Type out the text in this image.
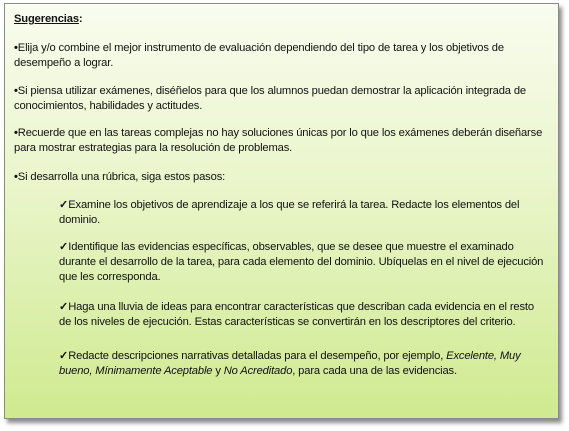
Sugerencias:

•Elija y/o combine el mejor instrumento de evaluación dependiendo del tipo de tarea y los objetivos de desempeño a lograr.

•Si piensa utilizar exámenes, diséñelos para que los alumnos puedan demostrar la aplicación integrada de conocimientos, habilidades y actitudes.

•Recuerde que en las tareas complejas no hay soluciones únicas por lo que los exámenes deberán diseñarse para mostrar estrategias para la resolución de problemas.

•Si desarrolla una rúbrica, siga estos pasos:

✓Examine los objetivos de aprendizaje a los que se referirá la tarea. Redacte los elementos del dominio.

✓Identifique las evidencias específicas, observables, que se desee que muestre el examinado durante el desarrollo de la tarea, para cada elemento del dominio. Ubíquelas en el nivel de ejecución que les corresponda.

✓Haga una lluvia de ideas para encontrar características que describan cada evidencia en el resto de los niveles de ejecución. Estas características se convertirán en los descriptores del criterio.

✓Redacte descripciones narrativas detalladas para el desempeño, por ejemplo, Excelente, Muy bueno, Mínimamente Aceptable y No Acreditado, para cada una de las evidencias.
